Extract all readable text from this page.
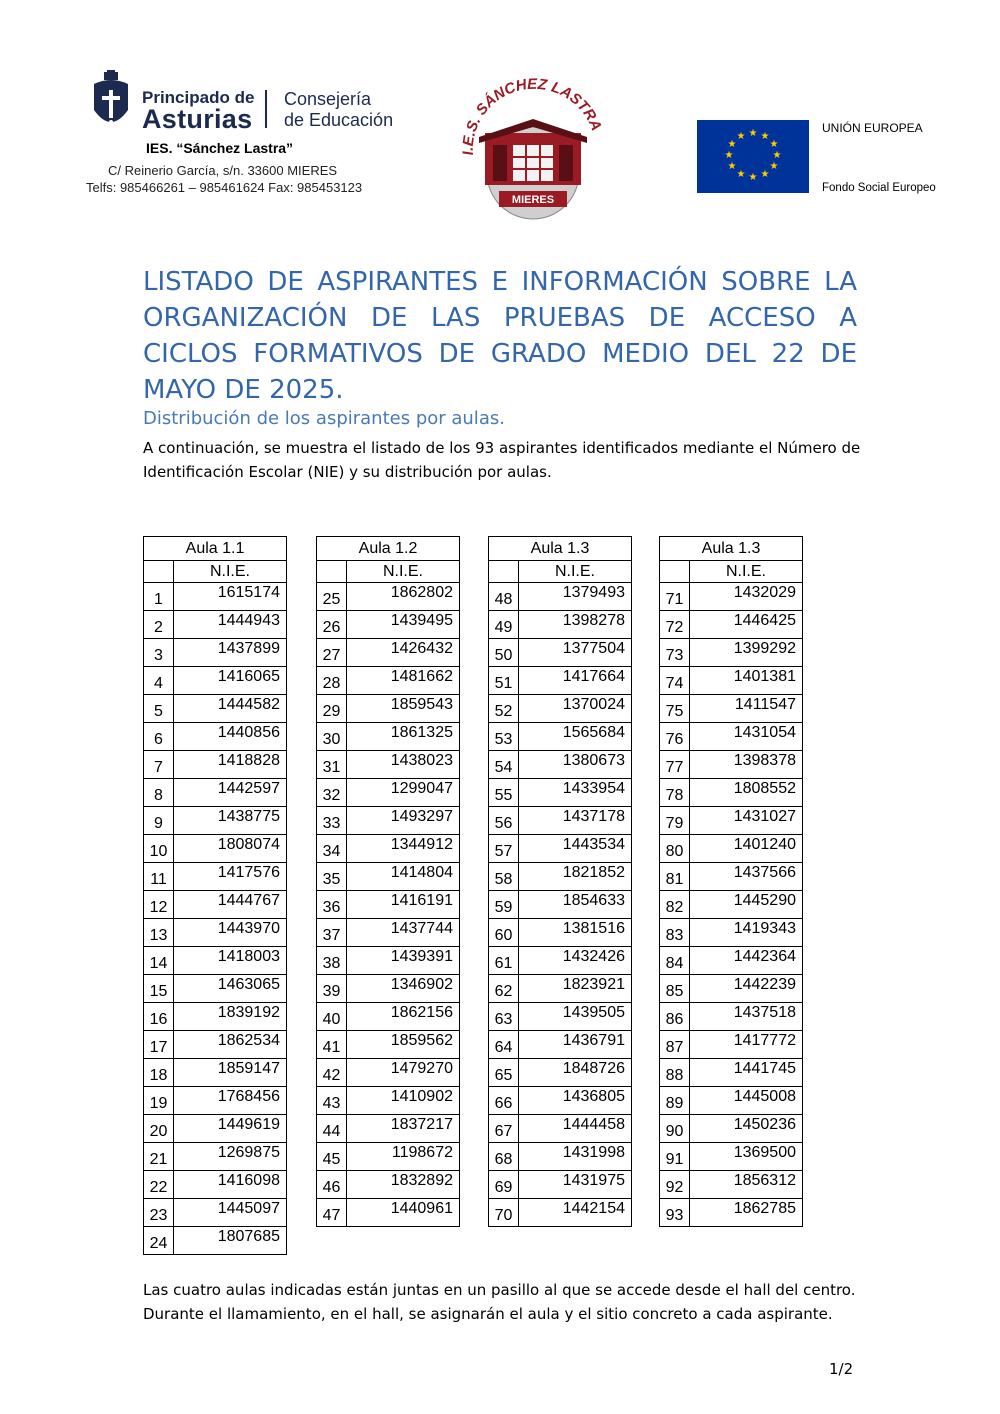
Principado de
Asturias
Consejería
de Educación
IES. “Sánchez Lastra”
C/ Reinerio García, s/n. 33600 MIERES
Telfs: 985466261 – 985461624 Fax: 985453123
I.E.S. SÁNCHEZ LASTRA
MIERES
★ ★
★
★
★
★
★
★
★
★
★
★
UNIÓN EUROPEA
Fondo Social Europeo
LISTADO DE ASPIRANTES E INFORMACIÓN SOBRE LA ORGANIZACIÓN DE LAS PRUEBAS DE ACCESO A CICLOS FORMATIVOS DE GRADO MEDIO DEL 22 DE MAYO DE 2025.
Distribución de los aspirantes por aulas.
A continuación, se muestra el listado de los 93 aspirantes identificados mediante el Número de Identificación Escolar (NIE) y su distribución por aulas.
Aula 1.1	
	N.I.E.
1	1615174
2	1444943
3	1437899
4	1416065
5	1444582
6	1440856
7	1418828
8	1442597
9	1438775
10	1808074
11	1417576
12	1444767
13	1443970
14	1418003
15	1463065
16	1839192
17	1862534
18	1859147
19	1768456
20	1449619
21	1269875
22	1416098
23	1445097
24	1807685
Aula 1.2	
	N.I.E.
25	1862802
26	1439495
27	1426432
28	1481662
29	1859543
30	1861325
31	1438023
32	1299047
33	1493297
34	1344912
35	1414804
36	1416191
37	1437744
38	1439391
39	1346902
40	1862156
41	1859562
42	1479270
43	1410902
44	1837217
45	1198672
46	1832892
47	1440961
Aula 1.3	
	N.I.E.
48	1379493
49	1398278
50	1377504
51	1417664
52	1370024
53	1565684
54	1380673
55	1433954
56	1437178
57	1443534
58	1821852
59	1854633
60	1381516
61	1432426
62	1823921
63	1439505
64	1436791
65	1848726
66	1436805
67	1444458
68	1431998
69	1431975
70	1442154
Aula 1.3	
	N.I.E.
71	1432029
72	1446425
73	1399292
74	1401381
75	1411547
76	1431054
77	1398378
78	1808552
79	1431027
80	1401240
81	1437566
82	1445290
83	1419343
84	1442364
85	1442239
86	1437518
87	1417772
88	1441745
89	1445008
90	1450236
91	1369500
92	1856312
93	1862785
Las cuatro aulas indicadas están juntas en un pasillo al que se accede desde el hall del centro. Durante el llamamiento, en el hall, se asignarán el aula y el sitio concreto a cada aspirante.
1/2
